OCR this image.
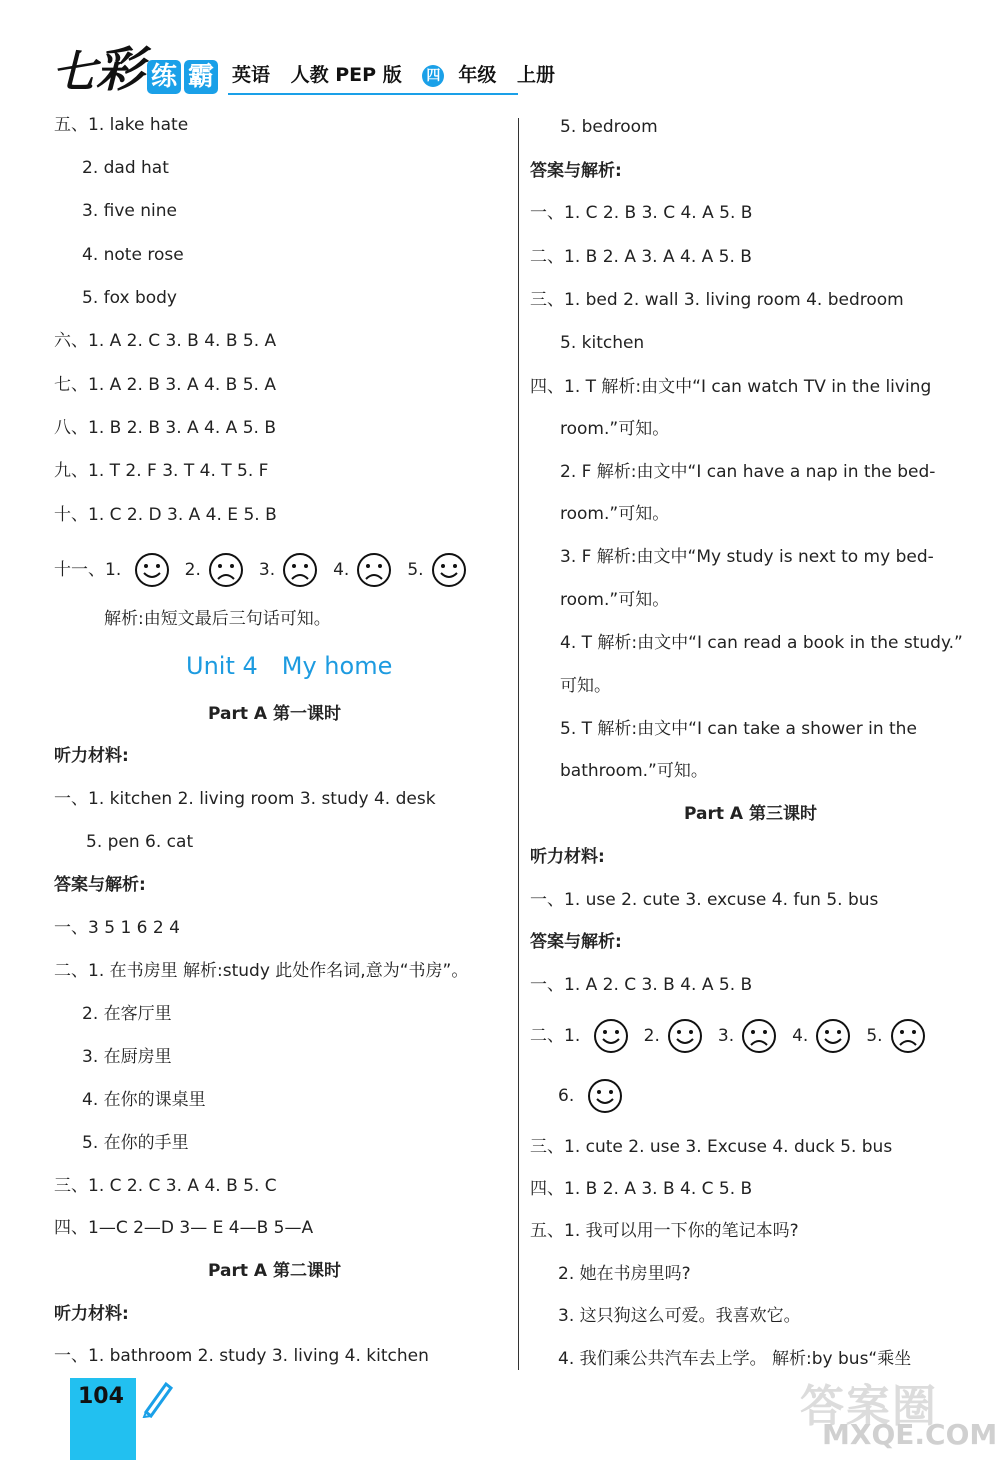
七 彩 练 霸 英语 人教 PEP 版 四 年级 上册
五、1. lake hate
2. dad hat
3. five nine
4. note rose
5. fox body
六、1. A 2. C 3. B 4. B 5. A
七、1. A 2. B 3. A 4. B 5. A
八、1. B 2. B 3. A 4. A 5. B
九、1. T 2. F 3. T 4. T 5. F
十、1. C 2. D 3. A 4. E 5. B
十一、1.	2.	3.	4.	5.
解析:由短文最后三句话可知。
Unit 4 My home
Part A 第一课时
听力材料:
一、1. kitchen 2. living room 3. study 4. desk
5. pen 6. cat
答案与解析:
一、3 5 1 6 2 4
二、1. 在书房里 解析:study 此处作名词,意为“书房”。
2. 在客厅里
3. 在厨房里
4. 在你的课桌里
5. 在你的手里
三、1. C 2. C 3. A 4. B 5. C
四、1—C 2—D 3— E 4—B 5—A
Part A 第二课时
听力材料:
一、1. bathroom 2. study 3. living 4. kitchen
5. bedroom
答案与解析:
一、1. C 2. B 3. C 4. A 5. B
二、1. B 2. A 3. A 4. A 5. B
三、1. bed 2. wall 3. living room 4. bedroom
5. kitchen
四、1. T 解析:由文中“I can watch TV in the living
room.”可知。
2. F 解析:由文中“I can have a nap in the bed-
room.”可知。
3. F 解析:由文中“My study is next to my bed-
room.”可知。
4. T 解析:由文中“I can read a book in the study.”
可知。
5. T 解析:由文中“I can take a shower in the
bathroom.”可知。
Part A 第三课时
听力材料:
一、1. use 2. cute 3. excuse 4. fun 5. bus
答案与解析:
一、1. A 2. C 3. B 4. A 5. B
二、1.	2.	3.	4.	5.
6.
三、1. cute 2. use 3. Excuse 4. duck 5. bus
四、1. B 2. A 3. B 4. C 5. B
五、1. 我可以用一下你的笔记本吗?
2. 她在书房里吗?
3. 这只狗这么可爱。我喜欢它。
4. 我们乘公共汽车去上学。 解析:by bus“乘坐
104	答案圈
MXQE.COM
